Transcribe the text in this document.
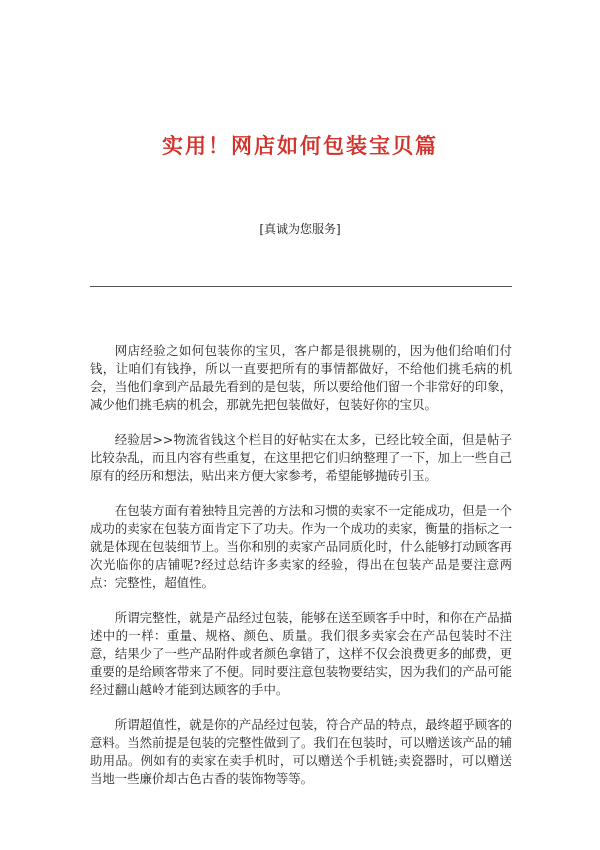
实用！网店如何包装宝贝篇

[真诚为您服务]

网店经验之如何包装你的宝贝，客户都是很挑剔的，因为他们给咱们付钱，让咱们有钱挣，所以一直要把所有的事情都做好，不给他们挑毛病的机会，当他们拿到产品最先看到的是包装，所以要给他们留一个非常好的印象，减少他们挑毛病的机会，那就先把包装做好，包装好你的宝贝。

经验居>>物流省钱这个栏目的好帖实在太多，已经比较全面，但是帖子比较杂乱，而且内容有些重复，在这里把它们归纳整理了一下，加上一些自己原有的经历和想法，贴出来方便大家参考，希望能够抛砖引玉。

在包装方面有着独特且完善的方法和习惯的卖家不一定能成功，但是一个成功的卖家在包装方面肯定下了功夫。作为一个成功的卖家，衡量的指标之一就是体现在包装细节上。当你和别的卖家产品同质化时，什么能够打动顾客再次光临你的店铺呢?经过总结许多卖家的经验，得出在包装产品是要注意两点：完整性，超值性。

所谓完整性，就是产品经过包装，能够在送至顾客手中时，和你在产品描述中的一样：重量、规格、颜色、质量。我们很多卖家会在产品包装时不注意，结果少了一些产品附件或者颜色拿错了，这样不仅会浪费更多的邮费，更重要的是给顾客带来了不便。同时要注意包装物要结实，因为我们的产品可能经过翻山越岭才能到达顾客的手中。

所谓超值性，就是你的产品经过包装，符合产品的特点，最终超乎顾客的意料。当然前提是包装的完整性做到了。我们在包装时，可以赠送该产品的辅助用品。例如有的卖家在卖手机时，可以赠送个手机链;卖瓷器时，可以赠送当地一些廉价却古色古香的装饰物等等。
